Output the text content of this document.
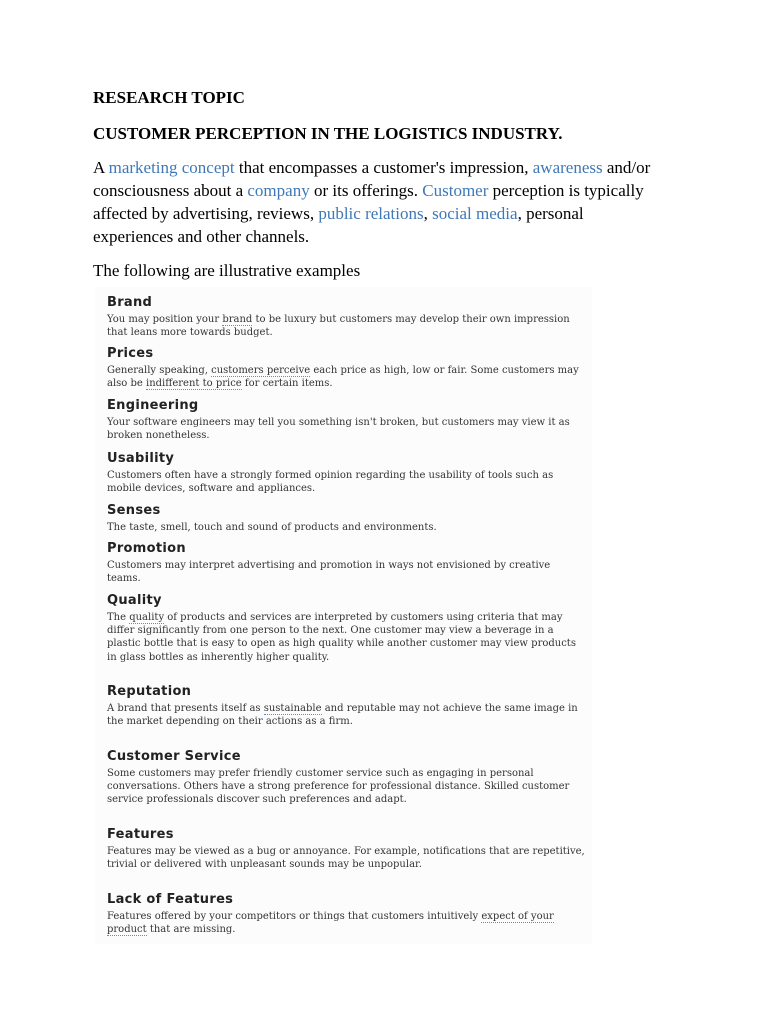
RESEARCH TOPIC
CUSTOMER PERCEPTION IN THE LOGISTICS INDUSTRY.

A marketing concept that encompasses a customer's impression, awareness and/or consciousness about a company or its offerings. Customer perception is typically affected by advertising, reviews, public relations, social media, personal experiences and other channels.

The following are illustrative examples

Brand
You may position your brand to be luxury but customers may develop their own impression that leans more towards budget.
Prices
Generally speaking, customers perceive each price as high, low or fair. Some customers may also be indifferent to price for certain items.
Engineering
Your software engineers may tell you something isn't broken, but customers may view it as broken nonetheless.
Usability
Customers often have a strongly formed opinion regarding the usability of tools such as mobile devices, software and appliances.
Senses
The taste, smell, touch and sound of products and environments.
Promotion
Customers may interpret advertising and promotion in ways not envisioned by creative teams.
Quality
The quality of products and services are interpreted by customers using criteria that may differ significantly from one person to the next. One customer may view a beverage in a plastic bottle that is easy to open as high quality while another customer may view products in glass bottles as inherently higher quality.
Reputation
A brand that presents itself as sustainable and reputable may not achieve the same image in the market depending on their actions as a firm.
Customer Service
Some customers may prefer friendly customer service such as engaging in personal conversations. Others have a strong preference for professional distance. Skilled customer service professionals discover such preferences and adapt.
Features
Features may be viewed as a bug or annoyance. For example, notifications that are repetitive, trivial or delivered with unpleasant sounds may be unpopular.
Lack of Features
Features offered by your competitors or things that customers intuitively expect of your product that are missing.
